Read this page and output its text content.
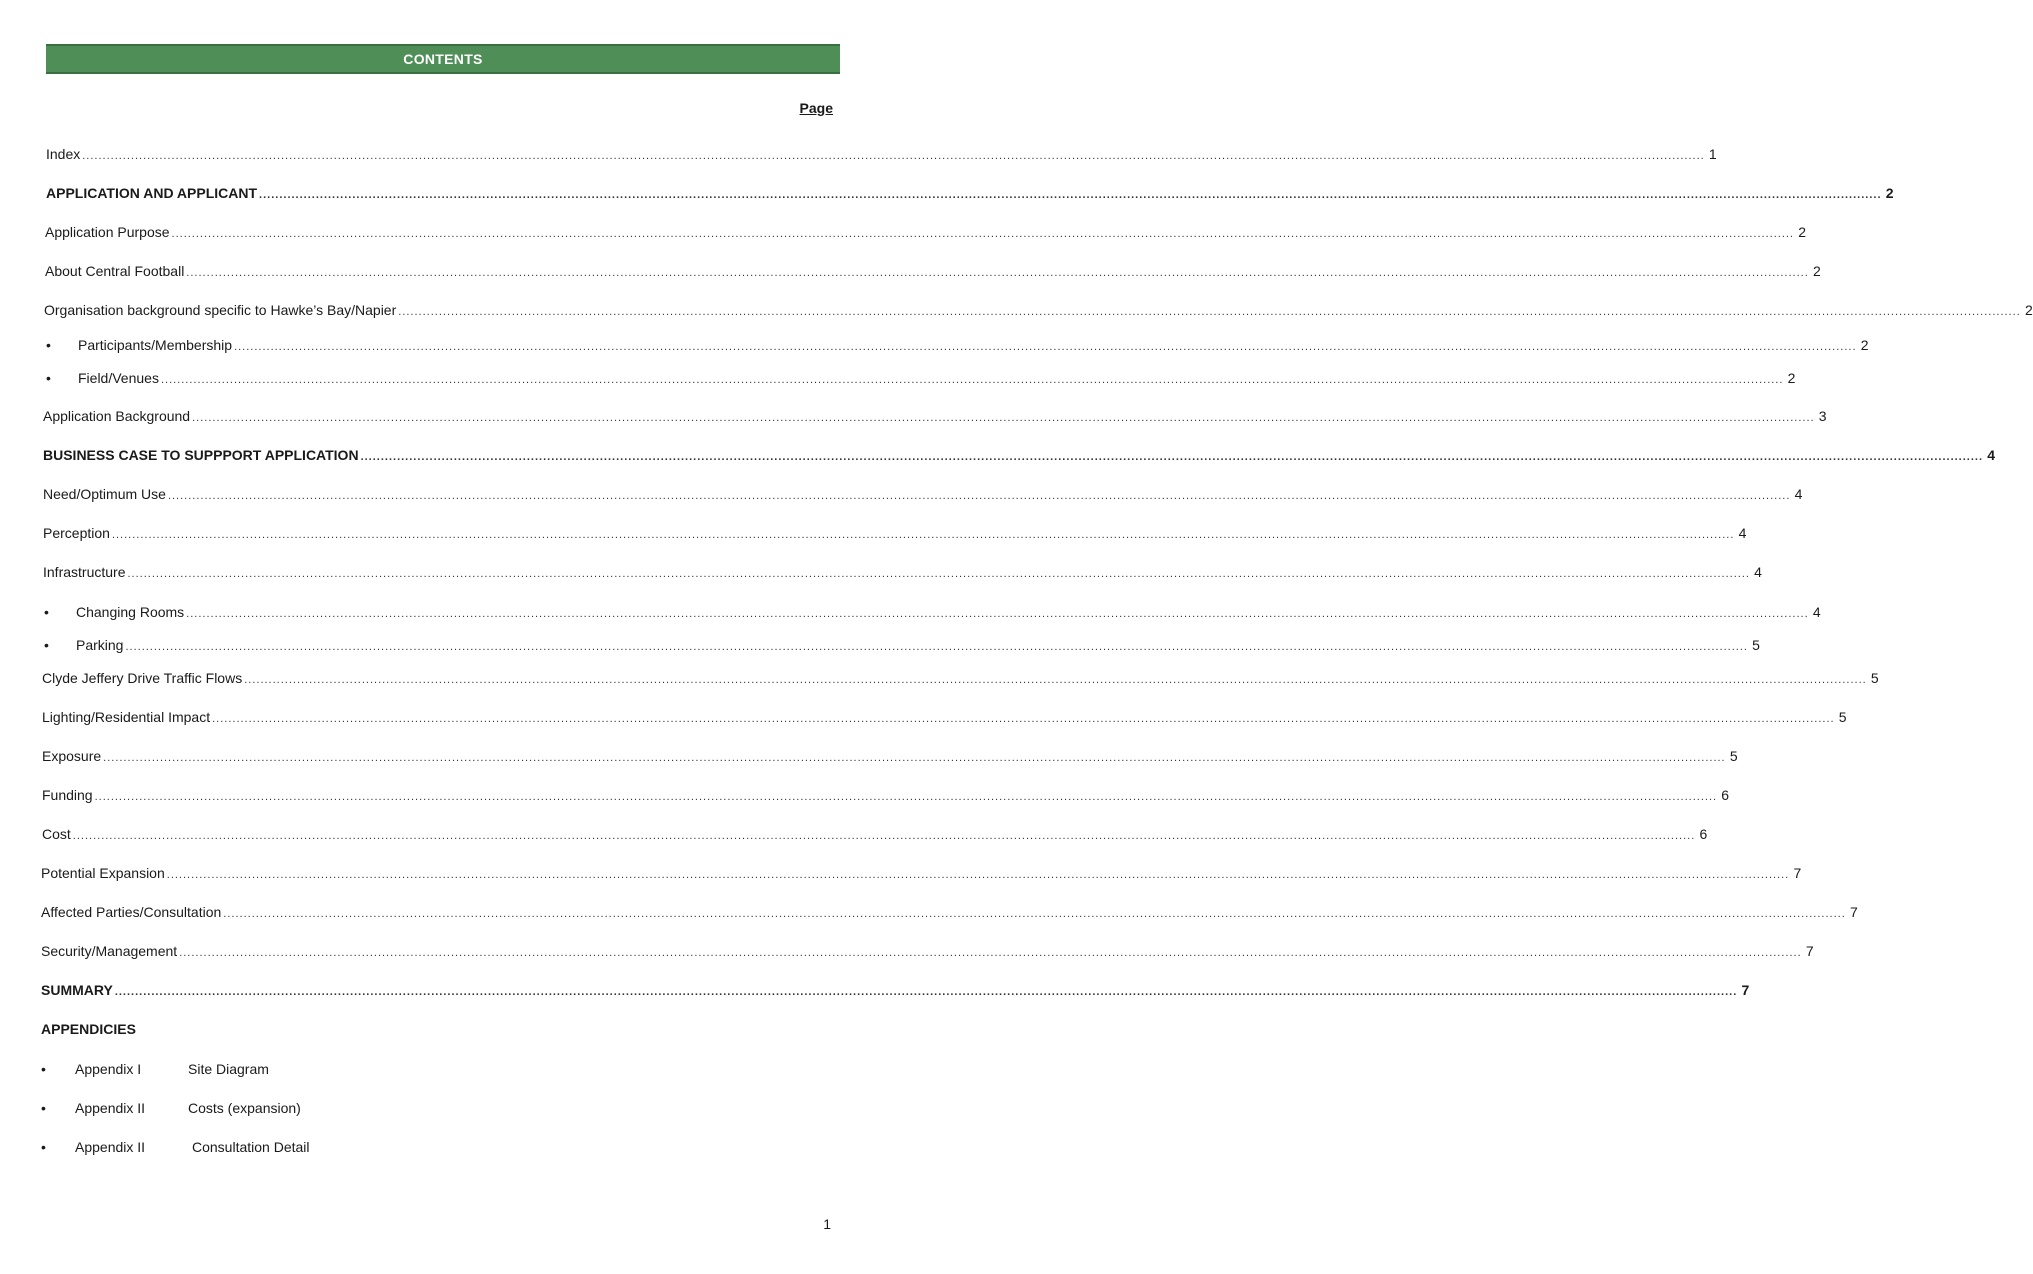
CONTENTS
Page
Index ................................................................................................................................................................................................................................................................................................................................................................................................................ 1
APPLICATION AND APPLICANT ................................................................................................................................................................................................................................................................................................................................................................................................................ 2
Application Purpose ................................................................................................................................................................................................................................................................................................................................................................................................................ 2
About Central Football ................................................................................................................................................................................................................................................................................................................................................................................................................ 2
Organisation background specific to Hawke’s Bay/Napier ................................................................................................................................................................................................................................................................................................................................................................................................................ 2
• Participants/Membership ................................................................................................................................................................................................................................................................................................................................................................................................................ 2
• Field/Venues ................................................................................................................................................................................................................................................................................................................................................................................................................ 2
Application Background ................................................................................................................................................................................................................................................................................................................................................................................................................ 3
BUSINESS CASE TO SUPPPORT APPLICATION ................................................................................................................................................................................................................................................................................................................................................................................................................ 4
Need/Optimum Use ................................................................................................................................................................................................................................................................................................................................................................................................................ 4
Perception ................................................................................................................................................................................................................................................................................................................................................................................................................ 4
Infrastructure ................................................................................................................................................................................................................................................................................................................................................................................................................ 4
• Changing Rooms ................................................................................................................................................................................................................................................................................................................................................................................................................ 4
• Parking ................................................................................................................................................................................................................................................................................................................................................................................................................ 5
Clyde Jeffery Drive Traffic Flows ................................................................................................................................................................................................................................................................................................................................................................................................................ 5
Lighting/Residential Impact ................................................................................................................................................................................................................................................................................................................................................................................................................ 5
Exposure ................................................................................................................................................................................................................................................................................................................................................................................................................ 5
Funding ................................................................................................................................................................................................................................................................................................................................................................................................................ 6
Cost ................................................................................................................................................................................................................................................................................................................................................................................................................ 6
Potential Expansion ................................................................................................................................................................................................................................................................................................................................................................................................................ 7
Affected Parties/Consultation ................................................................................................................................................................................................................................................................................................................................................................................................................ 7
Security/Management ................................................................................................................................................................................................................................................................................................................................................................................................................ 7
SUMMARY ................................................................................................................................................................................................................................................................................................................................................................................................................ 7
APPENDICIES
• Appendix I	Site Diagram
• Appendix II	Costs (expansion)
• Appendix II	Consultation Detail
1
